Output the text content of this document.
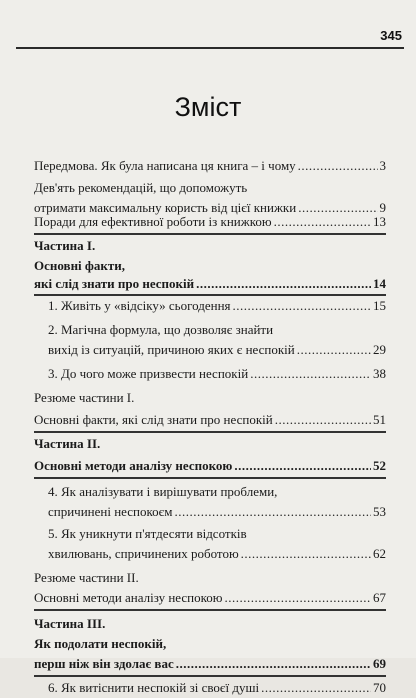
345
Зміст
Передмова. Як була написана ця книга – і чому .....	3
Дев'ять рекомендацій, що допоможуть
отримати максимальну користь від цієї книжки .....	9
Поради для ефективної роботи із книжкою .....	13
Частина I.
Основні факти,
які слід знати про неспокій .....	14
1. Живіть у «відсіку» сьогодення .....	15
2. Магічна формула, що дозволяє знайти
вихід із ситуацій, причиною яких є неспокій .....	29
3. До чого може призвести неспокій .....	38
Резюме частини I.
Основні факти, які слід знати про неспокій .....	51
Частина II.
Основні методи аналізу неспокою .....	52
4. Як аналізувати і вирішувати проблеми,
спричинені неспокоєм .....	53
5. Як уникнути п'ятдесяти відсотків
хвилювань, спричинених роботою .....	62
Резюме частини II.
Основні методи аналізу неспокою .....	67
Частина III.
Як подолати неспокій,
перш ніж він здолає вас .....	69
6. Як витіснити неспокій зі своєї душі .....	70
